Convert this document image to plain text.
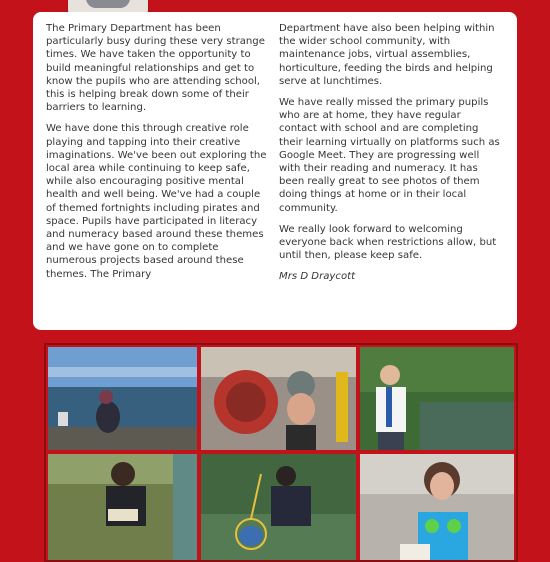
The Primary Department has been particularly busy during these very strange times. We have taken the opportunity to build meaningful relationships and get to know the pupils who are attending school, this is helping break down some of their barriers to learning.

We have done this through creative role playing and tapping into their creative imaginations. We've been out exploring the local area while continuing to keep safe, while also encouraging positive mental health and well being. We've had a couple of themed fortnights including pirates and space. Pupils have participated in literacy and numeracy based around these themes and we have gone on to complete numerous projects based around these themes. The Primary

Department have also been helping within the wider school community, with maintenance jobs, virtual assemblies, horticulture, feeding the birds and helping serve at lunchtimes.

We have really missed the primary pupils who are at home, they have regular contact with school and are completing their learning virtually on platforms such as Google Meet. They are progressing well with their reading and numeracy. It has been really great to see photos of them doing things at home or in their local community.

We really look forward to welcoming everyone back when restrictions allow, but until then, please keep safe.

Mrs D Draycott
